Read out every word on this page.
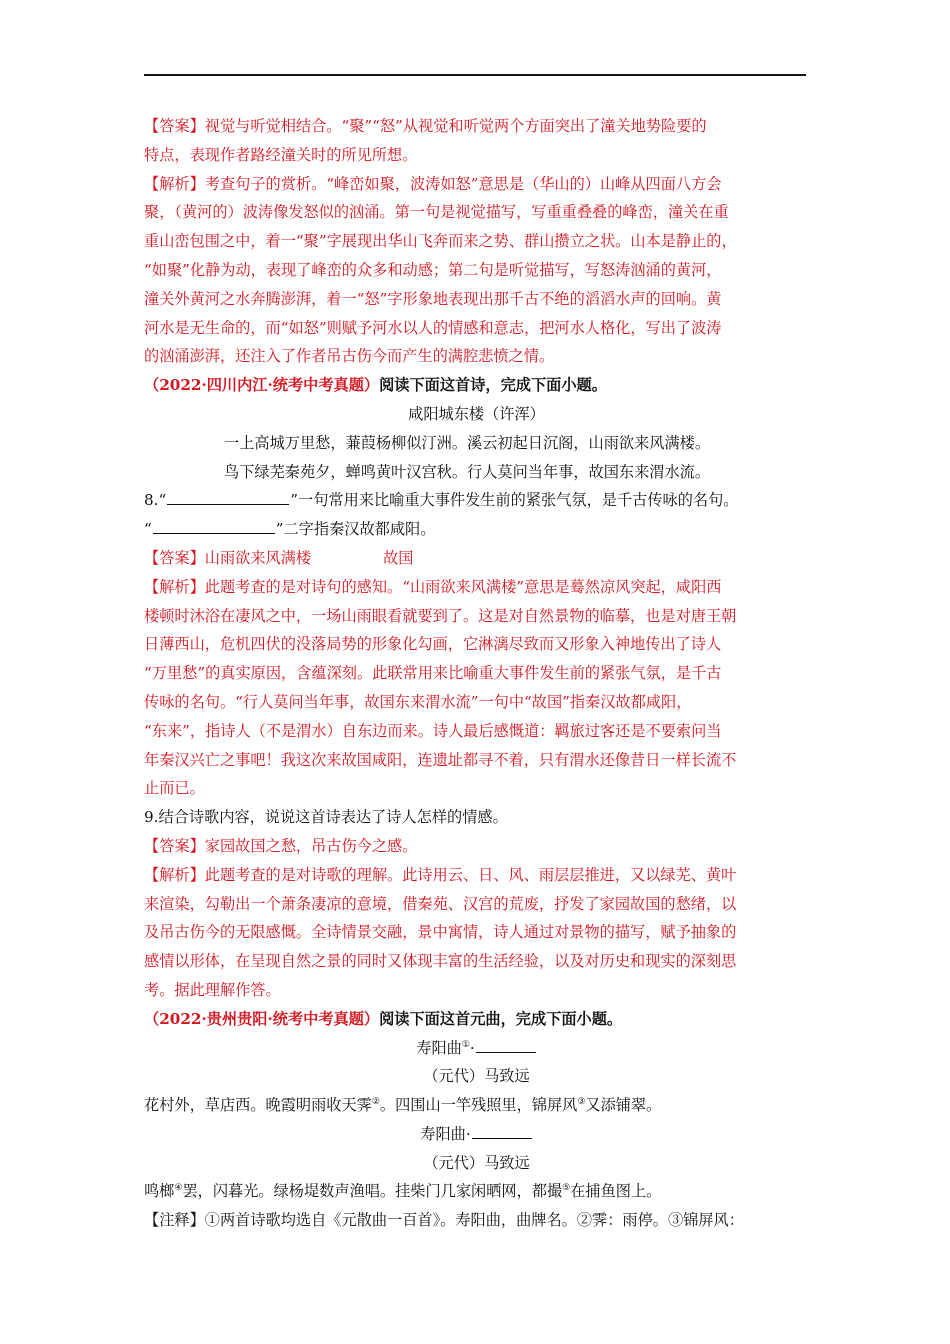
【答案】视觉与听觉相结合。“聚”“怒”从视觉和听觉两个方面突出了潼关地势险要的
特点，表现作者路经潼关时的所见所想。
【解析】考查句子的赏析。“峰峦如聚，波涛如怒”意思是（华山的）山峰从四面八方会
聚，（黄河的）波涛像发怒似的汹涌。第一句是视觉描写，写重重叠叠的峰峦，潼关在重
重山峦包围之中，着一“聚”字展现出华山飞奔而来之势、群山攒立之状。山本是静止的，
“如聚”化静为动，表现了峰峦的众多和动感；第二句是听觉描写，写怒涛汹涌的黄河，
潼关外黄河之水奔腾澎湃，着一“怒”字形象地表现出那千古不绝的滔滔水声的回响。黄
河水是无生命的，而“如怒”则赋予河水以人的情感和意志，把河水人格化，写出了波涛
的汹涌澎湃，还注入了作者吊古伤今而产生的满腔悲愤之情。
（2022·四川内江·统考中考真题）阅读下面这首诗，完成下面小题。
咸阳城东楼（许浑）
一上高城万里愁，蒹葭杨柳似汀洲。溪云初起日沉阁，山雨欲来风满楼。
鸟下绿芜秦苑夕，蝉鸣黄叶汉宫秋。行人莫问当年事，故国东来渭水流。
8.“	”一句常用来比喻重大事件发生前的紧张气氛，是千古传咏的名句。
“	”二字指秦汉故都咸阳。
【答案】山雨欲来风满楼	故国
【解析】此题考查的是对诗句的感知。“山雨欲来风满楼”意思是蓦然凉风突起，咸阳西
楼顿时沐浴在凄风之中，一场山雨眼看就要到了。这是对自然景物的临摹，也是对唐王朝
日薄西山，危机四伏的没落局势的形象化勾画，它淋漓尽致而又形象入神地传出了诗人
“万里愁”的真实原因，含蕴深刻。此联常用来比喻重大事件发生前的紧张气氛，是千古
传咏的名句。“行人莫问当年事，故国东来渭水流”一句中“故国”指秦汉故都咸阳，
“东来”，指诗人（不是渭水）自东边而来。诗人最后感慨道：羁旅过客还是不要索问当
年秦汉兴亡之事吧！我这次来故国咸阳，连遗址都寻不着，只有渭水还像昔日一样长流不
止而已。
9.结合诗歌内容，说说这首诗表达了诗人怎样的情感。
【答案】家园故国之愁，吊古伤今之感。
【解析】此题考查的是对诗歌的理解。此诗用云、日、风、雨层层推进，又以绿芜、黄叶
来渲染，勾勒出一个萧条凄凉的意境，借秦苑、汉宫的荒废，抒发了家园故国的愁绪，以
及吊古伤今的无限感慨。全诗情景交融，景中寓情，诗人通过对景物的描写，赋予抽象的
感情以形体，在呈现自然之景的同时又体现丰富的生活经验，以及对历史和现实的深刻思
考。据此理解作答。
（2022·贵州贵阳·统考中考真题）阅读下面这首元曲，完成下面小题。
寿阳曲①·
（元代）马致远
花村外，草店西。晚霞明雨收天霁②。四围山一竿残照里，锦屏风③又添铺翠。
寿阳曲·
（元代）马致远
鸣榔④罢，闪暮光。绿杨堤数声渔唱。挂柴门几家闲晒网，都撮⑤在捕鱼图上。
【注释】①两首诗歌均选自《元散曲一百首》。寿阳曲，曲牌名。②霁：雨停。③锦屏风：
